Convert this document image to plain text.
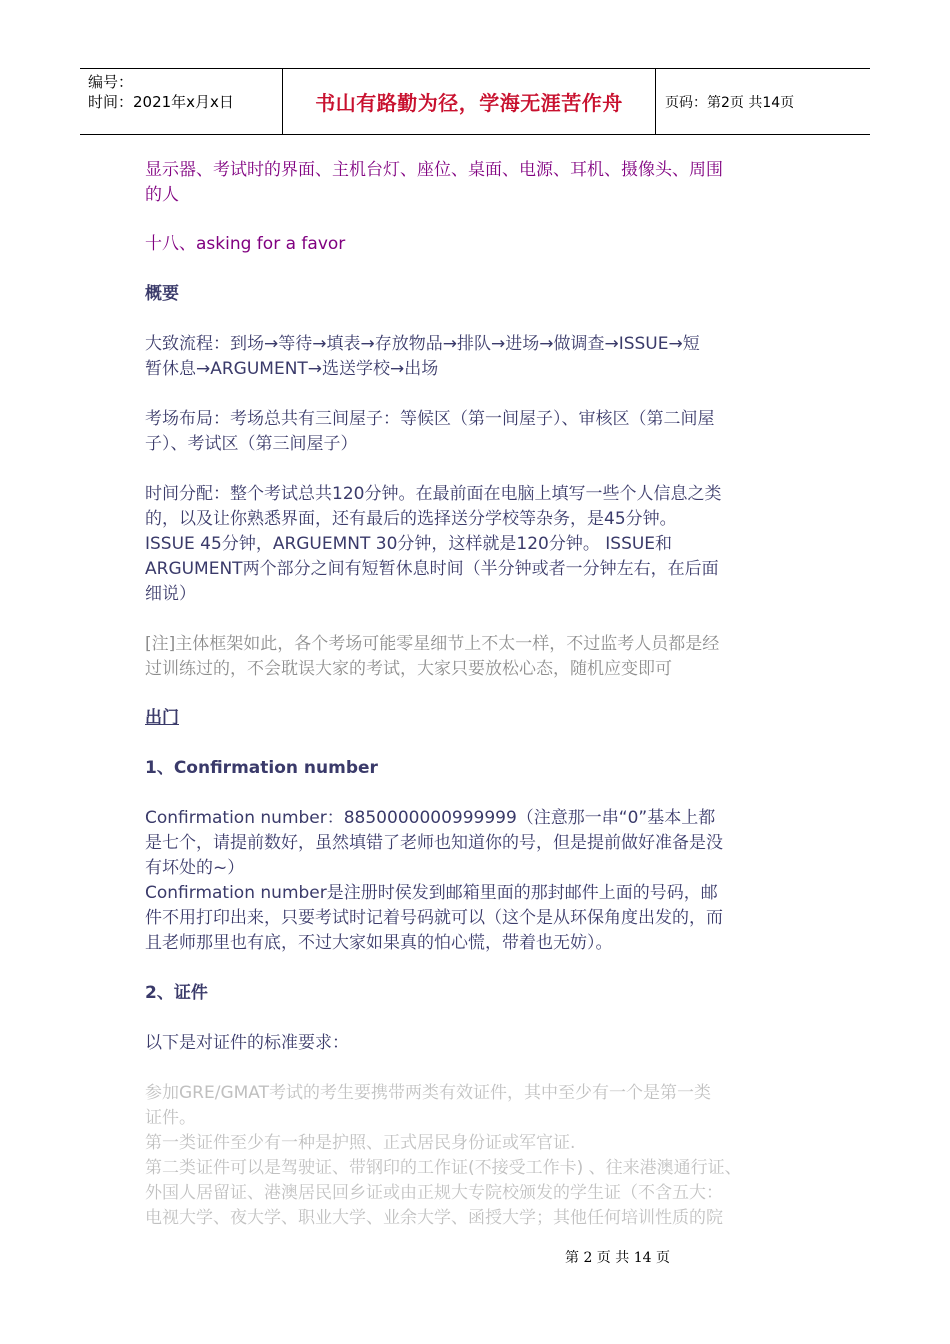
编号：
时间：2021年x月x日	书山有路勤为径，学海无涯苦作舟	页码：第2页 共14页

显示器、考试时的界面、主机台灯、座位、桌面、电源、耳机、摄像头、周围

的人

十八、asking for a favor

概要

大致流程：到场→等待→填表→存放物品→排队→进场→做调查→ISSUE→短

暂休息→ARGUMENT→选送学校→出场

考场布局：考场总共有三间屋子：等候区（第一间屋子）、审核区（第二间屋

子）、考试区（第三间屋子）

时间分配：整个考试总共120分钟。在最前面在电脑上填写一些个人信息之类

的，以及让你熟悉界面，还有最后的选择送分学校等杂务，是45分钟。

ISSUE 45分钟，ARGUEMNT 30分钟，这样就是120分钟。 ISSUE和

ARGUMENT两个部分之间有短暂休息时间（半分钟或者一分钟左右，在后面

细说）

[注]主体框架如此，各个考场可能零星细节上不太一样，不过监考人员都是经

过训练过的，不会耽误大家的考试，大家只要放松心态，随机应变即可

出门

1、Confirmation number

Confirmation number：8850000000999999（注意那一串“0”基本上都

是七个，请提前数好，虽然填错了老师也知道你的号，但是提前做好准备是没

有坏处的~）

Confirmation number是注册时侯发到邮箱里面的那封邮件上面的号码，邮

件不用打印出来，只要考试时记着号码就可以（这个是从环保角度出发的，而

且老师那里也有底，不过大家如果真的怕心慌，带着也无妨）。

2、证件

以下是对证件的标准要求：

参加GRE/GMAT考试的考生要携带两类有效证件，其中至少有一个是第一类

证件。

第一类证件至少有一种是护照、正式居民身份证或军官证.

第二类证件可以是驾驶证、带钢印的工作证(不接受工作卡) 、往来港澳通行证、

外国人居留证、港澳居民回乡证或由正规大专院校颁发的学生证（不含五大：

电视大学、夜大学、职业大学、业余大学、函授大学；其他任何培训性质的院

第 2 页 共 14 页
